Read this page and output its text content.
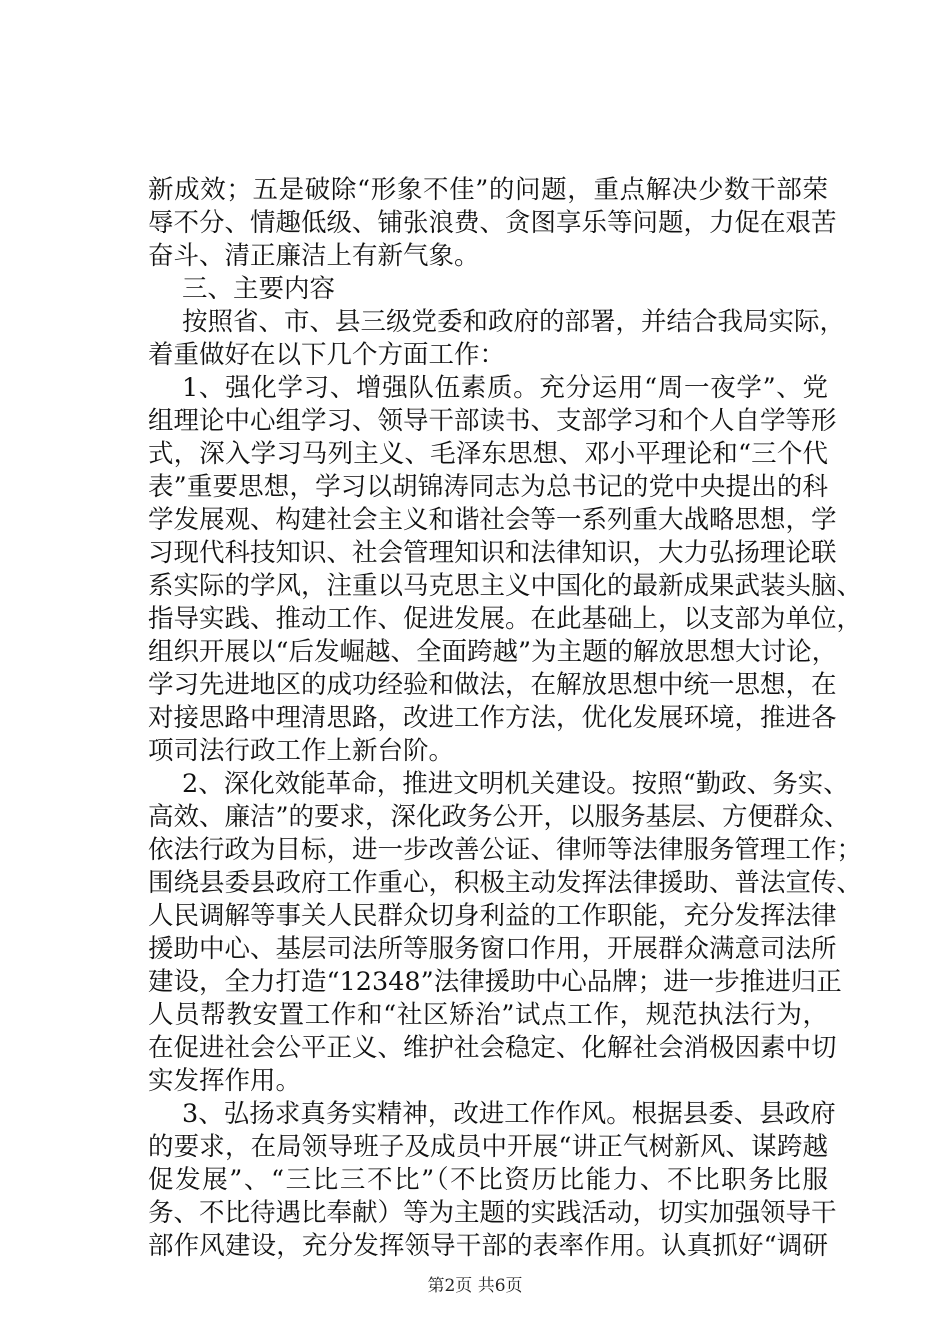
新成效；五是破除“形象不佳”的问题，重点解决少数干部荣
辱不分、情趣低级、铺张浪费、贪图享乐等问题，力促在艰苦
奋斗、清正廉洁上有新气象。
三、主要内容
按照省、市、县三级党委和政府的部署，并结合我局实际，
着重做好在以下几个方面工作：
1、强化学习、增强队伍素质。充分运用“周一夜学”、党
组理论中心组学习、领导干部读书、支部学习和个人自学等形
式，深入学习马列主义、毛泽东思想、邓小平理论和“三个代
表”重要思想，学习以胡锦涛同志为总书记的党中央提出的科
学发展观、构建社会主义和谐社会等一系列重大战略思想，学
习现代科技知识、社会管理知识和法律知识，大力弘扬理论联
系实际的学风，注重以马克思主义中国化的最新成果武装头脑、
指导实践、推动工作、促进发展。在此基础上，以支部为单位，
组织开展以“后发崛越、全面跨越”为主题的解放思想大讨论，
学习先进地区的成功经验和做法，在解放思想中统一思想，在
对接思路中理清思路，改进工作方法，优化发展环境，推进各
项司法行政工作上新台阶。
2、深化效能革命，推进文明机关建设。按照“勤政、务实、
高效、廉洁”的要求，深化政务公开，以服务基层、方便群众、
依法行政为目标，进一步改善公证、律师等法律服务管理工作；
围绕县委县政府工作重心，积极主动发挥法律援助、普法宣传、
人民调解等事关人民群众切身利益的工作职能，充分发挥法律
援助中心、基层司法所等服务窗口作用，开展群众满意司法所
建设，全力打造“12348”法律援助中心品牌；进一步推进归正
人员帮教安置工作和“社区矫治”试点工作，规范执法行为，
在促进社会公平正义、维护社会稳定、化解社会消极因素中切
实发挥作用。
3、弘扬求真务实精神，改进工作作风。根据县委、县政府
的要求，在局领导班子及成员中开展“讲正气树新风、谋跨越
促发展”、“三比三不比”（不比资历比能力、不比职务比服
务、不比待遇比奉献）等为主题的实践活动，切实加强领导干
部作风建设，充分发挥领导干部的表率作用。认真抓好“调研
第2页 共6页
